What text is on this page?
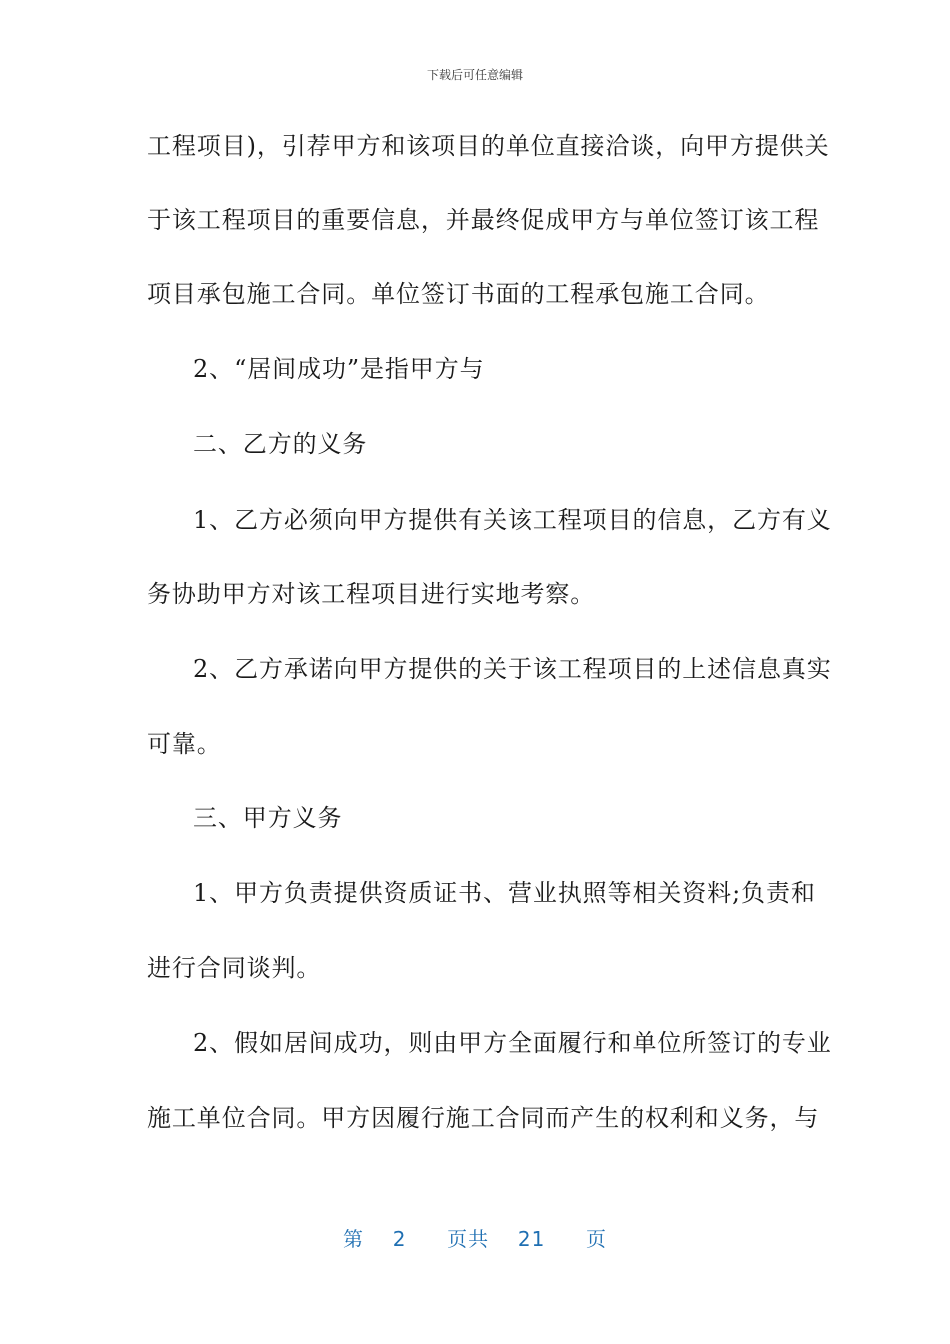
下载后可任意编辑
工程项目)，引荐甲方和该项目的单位直接洽谈，向甲方提供关
于该工程项目的重要信息，并最终促成甲方与单位签订该工程
项目承包施工合同。单位签订书面的工程承包施工合同。
2、“居间成功”是指甲方与
二、乙方的义务
1、乙方必须向甲方提供有关该工程项目的信息，乙方有义
务协助甲方对该工程项目进行实地考察。
2、乙方承诺向甲方提供的关于该工程项目的上述信息真实
可靠。
三、甲方义务
1、甲方负责提供资质证书、营业执照等相关资料;负责和
进行合同谈判。
2、假如居间成功，则由甲方全面履行和单位所签订的专业
施工单位合同。甲方因履行施工合同而产生的权利和义务，与
第 2 页共 21 页
